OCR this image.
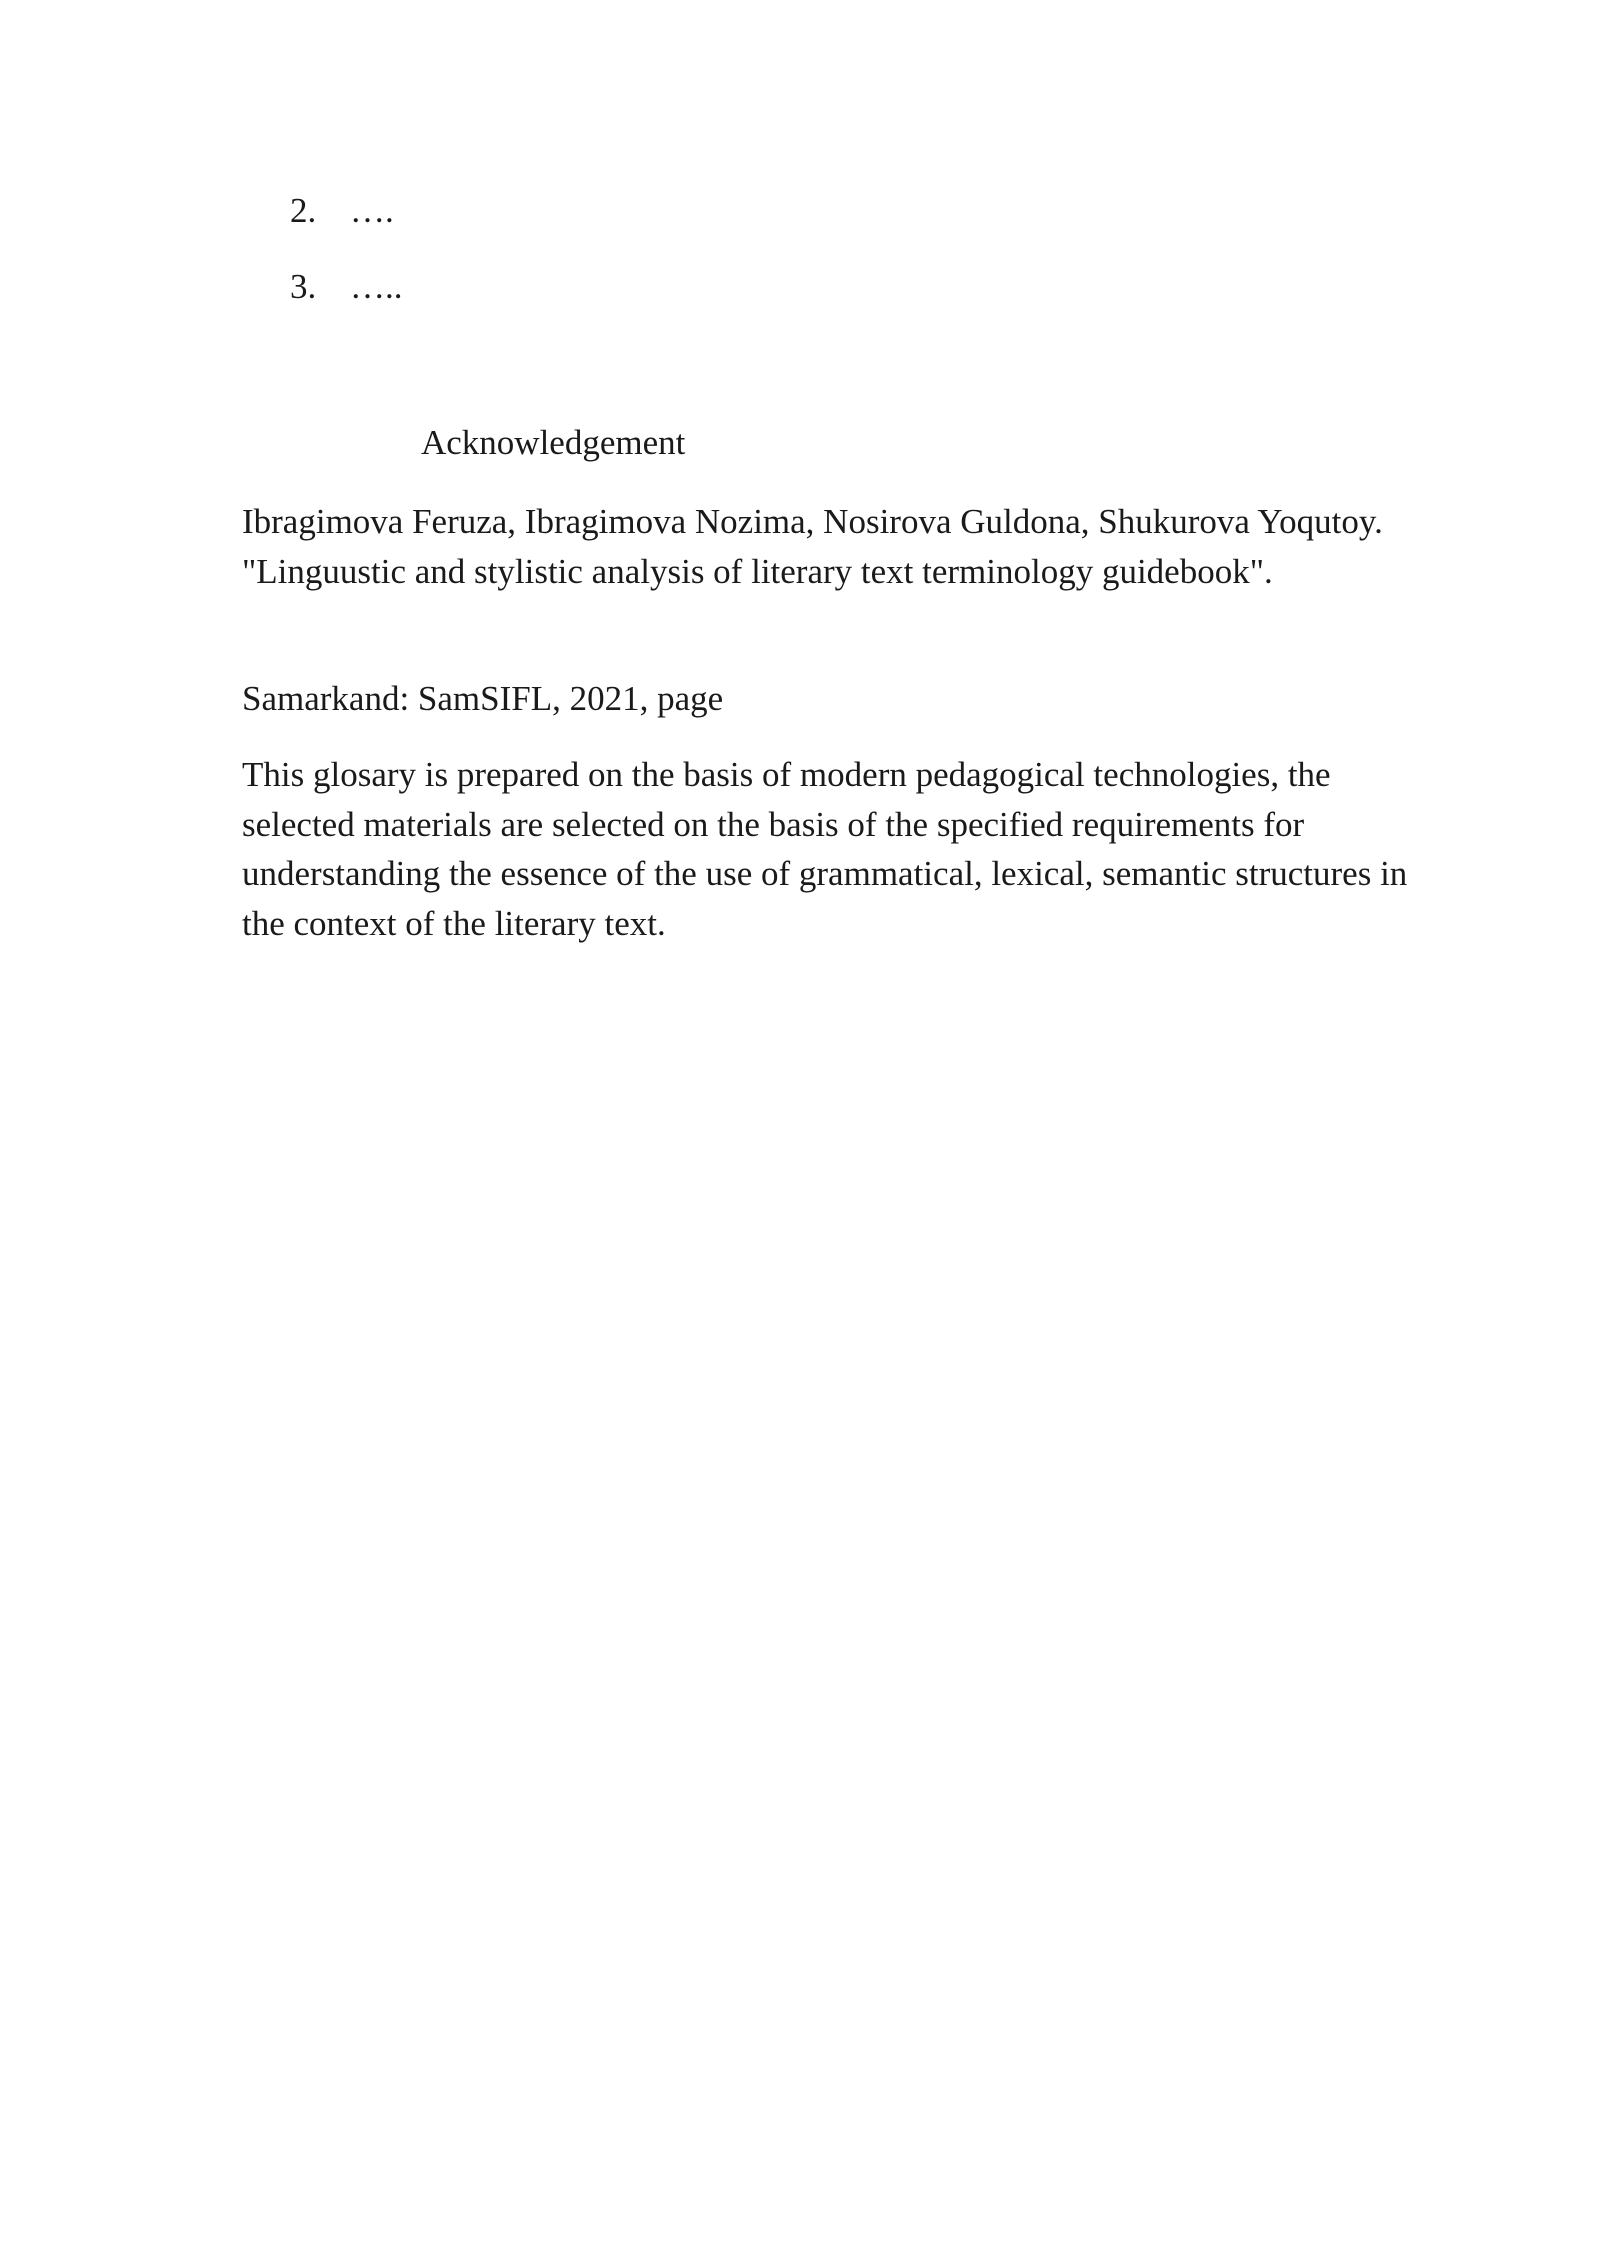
2. ….
3. …..
Acknowledgement

Ibragimova Feruza, Ibragimova Nozima, Nosirova Guldona, Shukurova Yoqutoy. "Linguustic and stylistic analysis of literary text terminology guidebook".

Samarkand: SamSIFL, 2021, page

This glosary is prepared on the basis of modern pedagogical technologies, the selected materials are selected on the basis of the specified requirements for understanding the essence of the use of grammatical, lexical, semantic structures in the context of the literary text.
